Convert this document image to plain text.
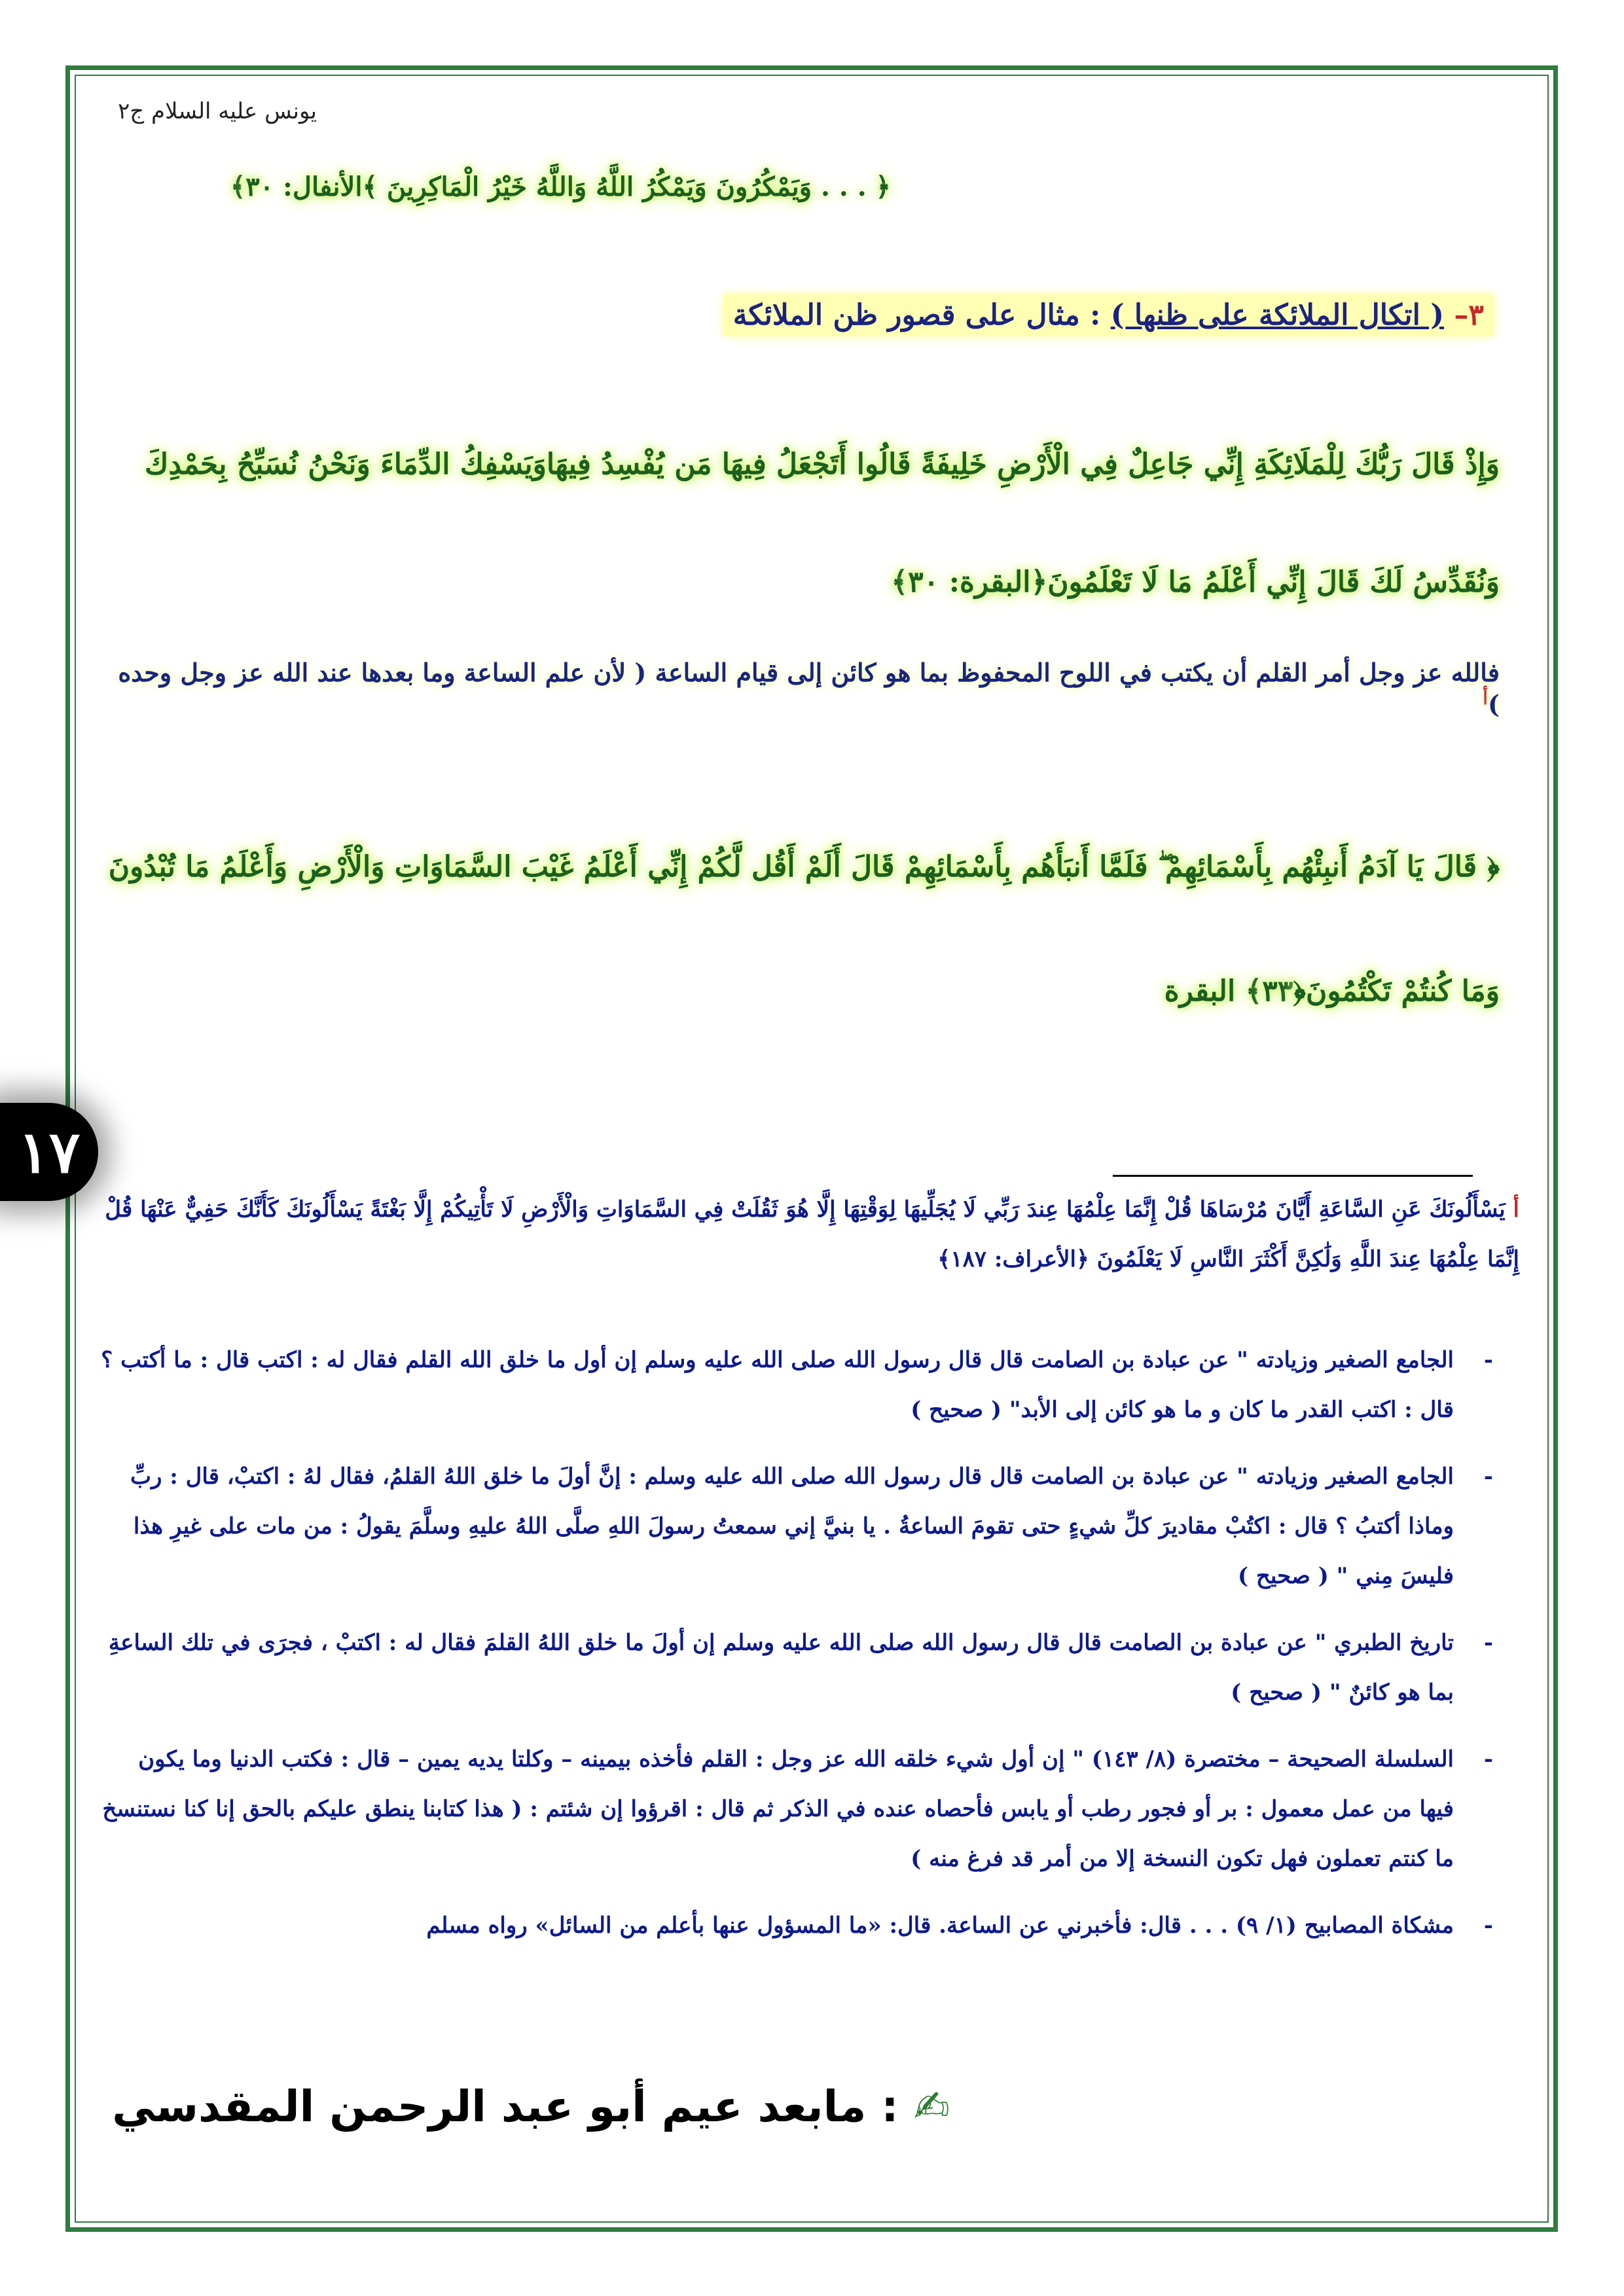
يونس عليه السلام ج٢
﴿ . . . وَيَمْكُرُونَ وَيَمْكُرُ اللَّهُ وَاللَّهُ خَيْرُ الْمَاكِرِينَ ﴾الأنفال: ٣٠﴾
٣– ( اتكال الملائكة على ظنها ) : مثال على قصور ظن الملائكة
وَإِذْ قَالَ رَبُّكَ لِلْمَلَائِكَةِ إِنِّي جَاعِلٌ فِي الْأَرْضِ خَلِيفَةً قَالُوا أَتَجْعَلُ فِيهَا مَن يُفْسِدُ فِيهَاوَيَسْفِكُ الدِّمَاءَ وَنَحْنُ نُسَبِّحُ بِحَمْدِكَ وَنُقَدِّسُ لَكَ قَالَ إِنِّي أَعْلَمُ مَا لَا تَعْلَمُونَ﴿البقرة: ٣٠﴾
فالله عز وجل أمر القلم أن يكتب في اللوح المحفوظ بما هو كائن إلى قيام الساعة ( لأن علم الساعة وما بعدها عند الله عز وجل وحده )$^أ$
﴿ قَالَ يَا آدَمُ أَنبِئْهُم بِأَسْمَائِهِمْ ۖ فَلَمَّا أَنبَأَهُم بِأَسْمَائِهِمْ قَالَ أَلَمْ أَقُل لَّكُمْ إِنِّي أَعْلَمُ غَيْبَ السَّمَاوَاتِ وَالْأَرْضِ وَأَعْلَمُ مَا تُبْدُونَ وَمَا كُنتُمْ تَكْتُمُونَ﴿٣٣﴾ البقرة
١٧
أ يَسْأَلُونَكَ عَنِ السَّاعَةِ أَيَّانَ مُرْسَاهَا قُلْ إِنَّمَا عِلْمُهَا عِندَ رَبِّي لَا يُجَلِّيهَا لِوَقْتِهَا إِلَّا هُوَ ثَقُلَتْ فِي السَّمَاوَاتِ وَالْأَرْضِ لَا تَأْتِيكُمْ إِلَّا بَغْتَةً يَسْأَلُونَكَ كَأَنَّكَ حَفِيٌّ عَنْهَا قُلْ إِنَّمَا عِلْمُهَا عِندَ اللَّهِ وَلَٰكِنَّ أَكْثَرَ النَّاسِ لَا يَعْلَمُونَ ﴿الأعراف: ١٨٧﴾
-
الجامع الصغير وزيادته " عن عبادة بن الصامت قال قال رسول الله صلى الله عليه وسلم إن أول ما خلق الله القلم فقال له : اكتب قال : ما أكتب ؟ قال : اكتب القدر ما كان و ما هو كائن إلى الأبد" ( صحيح )
-
الجامع الصغير وزيادته " عن عبادة بن الصامت قال قال رسول الله صلى الله عليه وسلم : إنَّ أولَ ما خلق اللهُ القلمُ، فقال لهُ : اكتبْ، قال : ربِّ وماذا أكتبُ ؟ قال : اكتُبْ مقاديرَ كلِّ شيءٍ حتى تقومَ الساعةُ . يا بنيَّ إني سمعتُ رسولَ اللهِ صلَّى اللهُ عليهِ وسلَّمَ يقولُ : من مات على غيرِ هذا فليسَ مِني " ( صحيح )
-
تاريخ الطبري " عن عبادة بن الصامت قال قال رسول الله صلى الله عليه وسلم إن أولَ ما خلق اللهُ القلمَ فقال له : اكتبْ ، فجرَى في تلك الساعةِ بما هو كائنٌ " ( صحيح )
-
السلسلة الصحيحة – مختصرة (٨/ ١٤٣) " إن أول شيء خلقه الله عز وجل : القلم فأخذه بيمينه – وكلتا يديه يمين – قال : فكتب الدنيا وما يكون فيها من عمل معمول : بر أو فجور رطب أو يابس فأحصاه عنده في الذكر ثم قال : اقرؤوا إن شئتم : ( هذا كتابنا ينطق عليكم بالحق إنا كنا نستنسخ ما كنتم تعملون فهل تكون النسخة إلا من أمر قد فرغ منه )
-
مشكاة المصابيح (١/ ٩) . . . قال: فأخبرني عن الساعة. قال: «ما المسؤول عنها بأعلم من السائل» رواه مسلم
✍ : مابعد عيم أبو عبد الرحمن المقدسي
